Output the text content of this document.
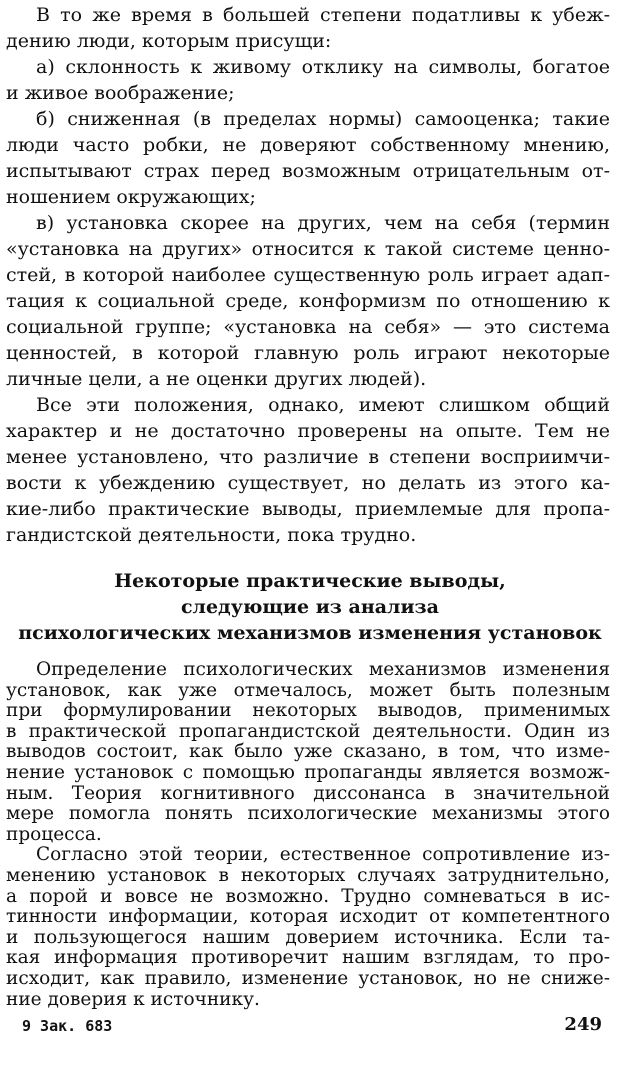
В то же время в большей степени податливы к убеж-
дению люди, которым присущи:
а) склонность к живому отклику на символы, богатое
и живое воображение;
б) сниженная (в пределах нормы) самооценка; такие
люди часто робки, не доверяют собственному мнению,
испытывают страх перед возможным отрицательным от-
ношением окружающих;
в) установка скорее на других, чем на себя (термин
«установка на других» относится к такой системе ценно-
стей, в которой наиболее существенную роль играет адап-
тация к социальной среде, конформизм по отношению к
социальной группе; «установка на себя» — это система
ценностей, в которой главную роль играют некоторые
личные цели, а не оценки других людей).
Все эти положения, однако, имеют слишком общий
характер и не достаточно проверены на опыте. Тем не
менее установлено, что различие в степени восприимчи-
вости к убеждению существует, но делать из этого ка-
кие-либо практические выводы, приемлемые для пропа-
гандистской деятельности, пока трудно.
Некоторые практические выводы,
следующие из анализа
психологических механизмов изменения установок
9 Зак. 683	249
Определение психологических механизмов изменения
установок, как уже отмечалось, может быть полезным
при формулировании некоторых выводов, применимых
в практической пропагандистской деятельности. Один из
выводов состоит, как было уже сказано, в том, что изме-
нение установок с помощью пропаганды является возмож-
ным. Теория когнитивного диссонанса в значительной
мере помогла понять психологические механизмы этого
процесса.
Согласно этой теории, естественное сопротивление из-
менению установок в некоторых случаях затруднительно,
а порой и вовсе не возможно. Трудно сомневаться в ис-
тинности информации, которая исходит от компетентного
и пользующегося нашим доверием источника. Если та-
кая информация противоречит нашим взглядам, то про-
исходит, как правило, изменение установок, но не сниже-
ние доверия к источнику.
